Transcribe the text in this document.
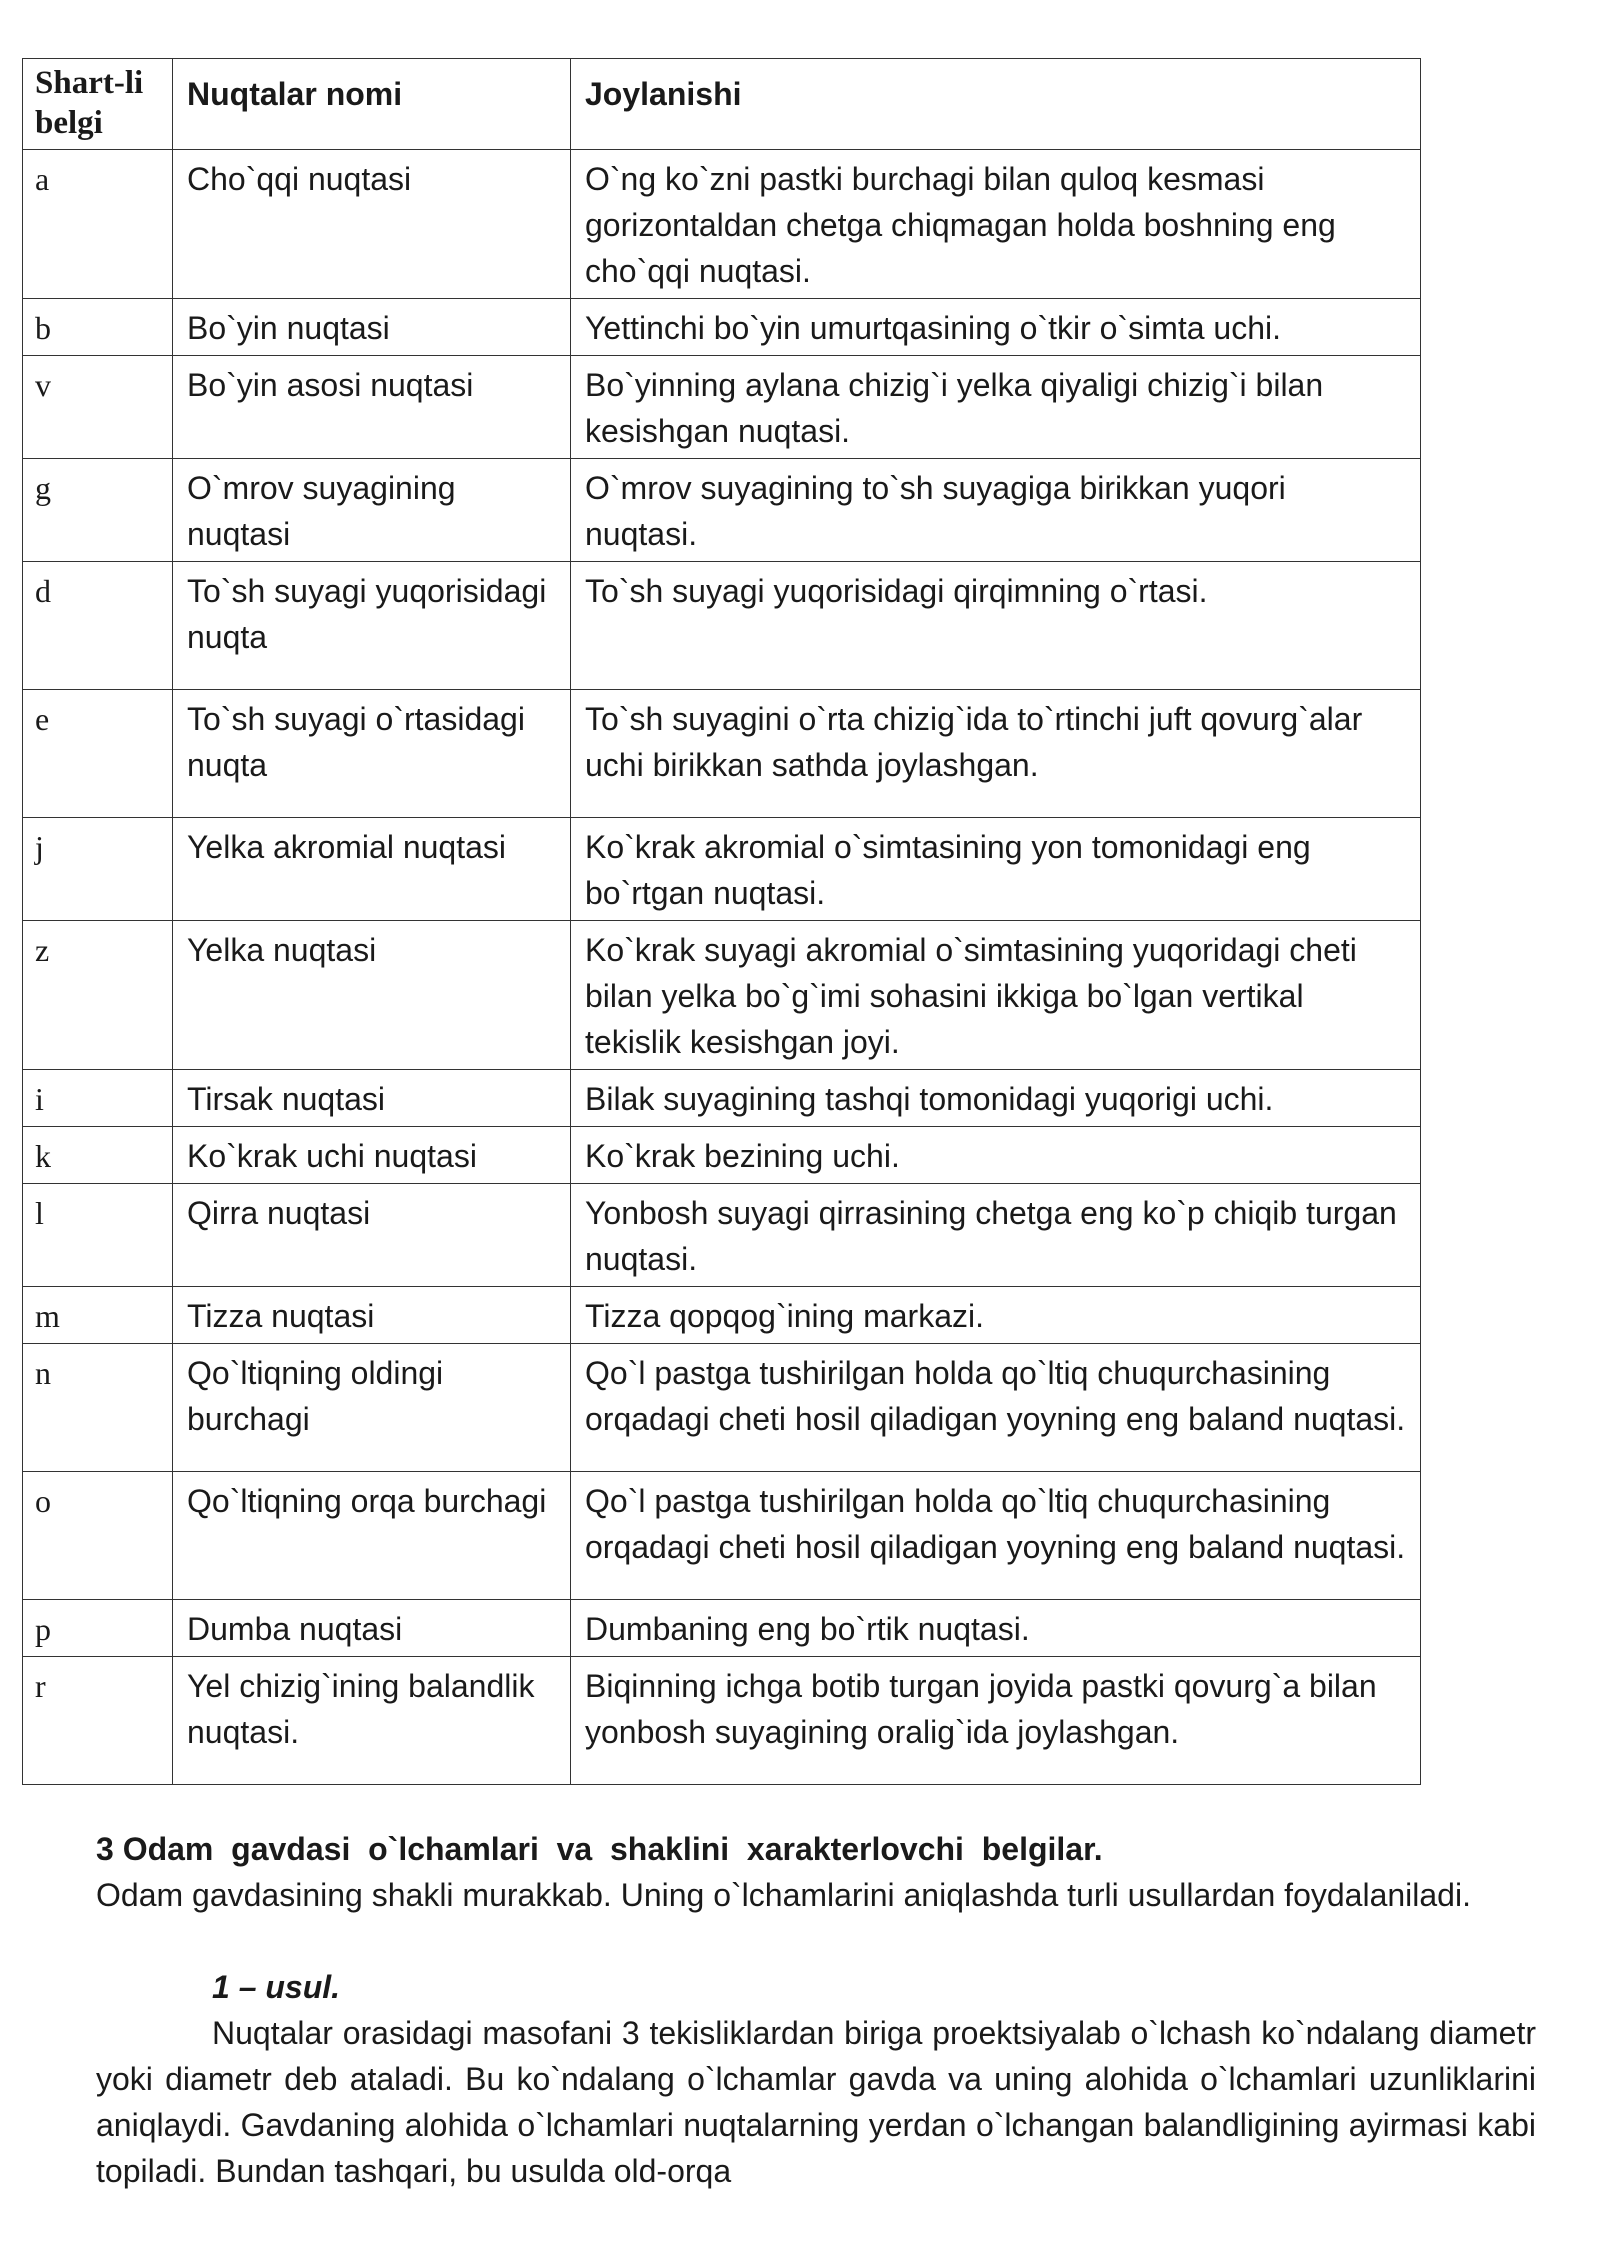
Shart-li belgi	Nuqtalar nomi	Joylanishi
a	Cho`qqi nuqtasi	O`ng ko`zni pastki burchagi bilan quloq kesmasi gorizontaldan chetga chiqmagan holda boshning eng cho`qqi nuqtasi.
b	Bo`yin nuqtasi	Yettinchi bo`yin umurtqasining o`tkir o`simta uchi.
v	Bo`yin asosi nuqtasi	Bo`yinning aylana chizig`i yelka qiyaligi chizig`i bilan kesishgan nuqtasi.
g	O`mrov suyagining nuqtasi	O`mrov suyagining to`sh suyagiga birikkan yuqori nuqtasi.
d	To`sh suyagi yuqorisidagi nuqta	To`sh suyagi yuqorisidagi qirqimning o`rtasi.
e	To`sh suyagi o`rtasidagi nuqta	To`sh suyagini o`rta chizig`ida to`rtinchi juft qovurg`alar uchi birikkan sathda joylashgan.
j	Yelka akromial nuqtasi	Ko`krak akromial o`simtasining yon tomonidagi eng bo`rtgan nuqtasi.
z	Yelka nuqtasi	Ko`krak suyagi akromial o`simtasining yuqoridagi cheti bilan yelka bo`g`imi sohasini ikkiga bo`lgan vertikal tekislik kesishgan joyi.
i	Tirsak nuqtasi	Bilak suyagining tashqi tomonidagi yuqorigi uchi.
k	Ko`krak uchi nuqtasi	Ko`krak bezining uchi.
l	Qirra nuqtasi	Yonbosh suyagi qirrasining chetga eng ko`p chiqib turgan nuqtasi.
m	Tizza nuqtasi	Tizza qopqog`ining markazi.
n	Qo`ltiqning oldingi burchagi	Qo`l pastga tushirilgan holda qo`ltiq chuqurchasining orqadagi cheti hosil qiladigan yoyning eng baland nuqtasi.
o	Qo`ltiqning orqa burchagi	Qo`l pastga tushirilgan holda qo`ltiq chuqurchasining orqadagi cheti hosil qiladigan yoyning eng baland nuqtasi.
p	Dumba nuqtasi	Dumbaning eng bo`rtik nuqtasi.
r	Yel chizig`ining balandlik nuqtasi.	Biqinning ichga botib turgan joyida pastki qovurg`a bilan yonbosh suyagining oralig`ida joylashgan.
3 Odam  gavdasi  o`lchamlari  va  shaklini  xarakterlovchi  belgilar.
Odam gavdasining shakli murakkab. Uning o`lchamlarini aniqlashda turli usullardan foydalaniladi.
1 – usul.
Nuqtalar orasidagi masofani 3 tekisliklardan biriga proektsiyalab o`lchash ko`ndalang diametr yoki diametr deb ataladi. Bu ko`ndalang o`lchamlar gavda va uning alohida o`lchamlari uzunliklarini aniqlaydi. Gavdaning alohida o`lchamlari nuqtalarning yerdan o`lchangan balandligining ayirmasi kabi topiladi. Bundan tashqari, bu usulda old-orqa
